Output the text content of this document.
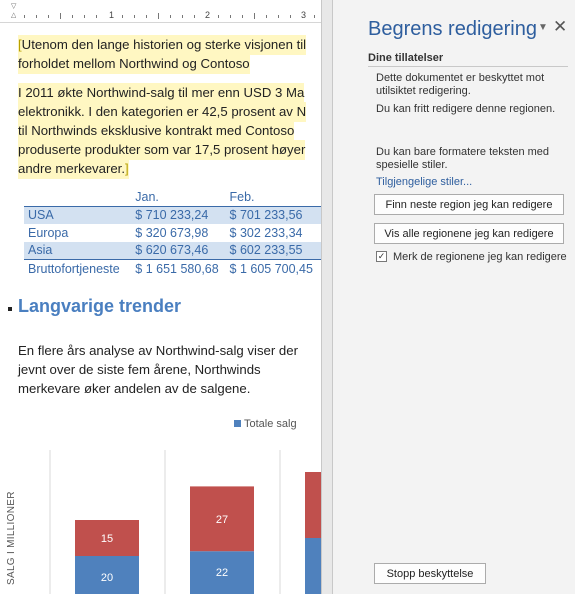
▽
△	1	2	3
[Utenom den lange historien og sterke visjonen til
forholdet mellom Northwind og Contoso
I 2011 økte Northwind-salg til mer enn USD 3 Ma
elektronikk. I den kategorien er 42,5 prosent av N
til Northwinds eksklusive kontrakt med Contoso
produserte produkter som var 17,5 prosent høyer
andre merkevarer.]
	Jan.	Feb.
USA	$ 710 233,24	$ 701 233,56
Europa	$ 320 673,98	$ 302 233,34
Asia	$ 620 673,46	$ 602 233,55
Bruttofortjeneste	$ 1 651 580,68	$ 1 605 700,45
Langvarige trender
En flere års analyse av Northwind-salg viser der
jevnt over de siste fem årene, Northwinds
merkevare øker andelen av de salgene.
Totale salg
SALG I MILLIONER	15
20
27
22
Begrens redigering ▼ ✕
Dine tillatelser
Dette dokumentet er beskyttet mot utilsiktet redigering.
Du kan fritt redigere denne regionen.
Du kan bare formatere teksten med spesielle stiler.
Tilgjengelige stiler...
Finn neste region jeg kan redigere
Vis alle regionene jeg kan redigere
✓ Merk de regionene jeg kan redigere
Stopp beskyttelse
